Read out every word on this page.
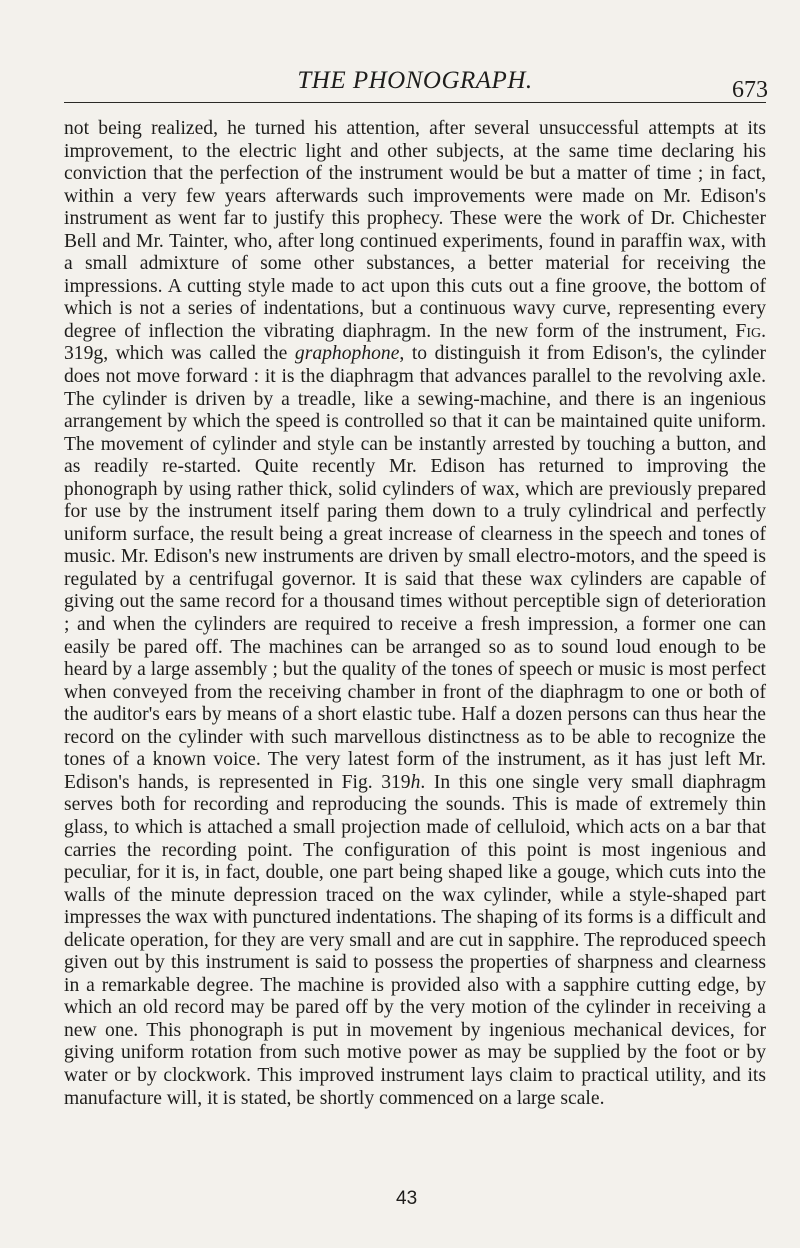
THE PHONOGRAPH.	673

not being realized, he turned his attention, after several unsuccessful attempts at its improvement, to the electric light and other subjects, at the same time declaring his conviction that the perfection of the instrument would be but a matter of time ; in fact, within a very few years afterwards such improvements were made on Mr. Edison's instrument as went far to justify this prophecy. These were the work of Dr. Chichester Bell and Mr. Tainter, who, after long continued experiments, found in paraffin wax, with a small admixture of some other substances, a better material for receiving the impressions. A cutting style made to act upon this cuts out a fine groove, the bottom of which is not a series of indentations, but a continuous wavy curve, representing every degree of inflection the vibrating diaphragm. In the new form of the instrument, Fig. 319g, which was called the graphophone, to distinguish it from Edison's, the cylinder does not move forward : it is the diaphragm that advances parallel to the revolving axle. The cylinder is driven by a treadle, like a sewing-machine, and there is an ingenious arrangement by which the speed is controlled so that it can be maintained quite uniform. The movement of cylinder and style can be instantly arrested by touching a button, and as readily re-started. Quite recently Mr. Edison has returned to improving the phonograph by using rather thick, solid cylinders of wax, which are previously prepared for use by the instrument itself paring them down to a truly cylindrical and perfectly uniform surface, the result being a great increase of clearness in the speech and tones of music. Mr. Edison's new instruments are driven by small electro-motors, and the speed is regulated by a centrifugal governor. It is said that these wax cylinders are capable of giving out the same record for a thousand times without perceptible sign of deterioration ; and when the cylinders are required to receive a fresh impression, a former one can easily be pared off. The machines can be arranged so as to sound loud enough to be heard by a large assembly ; but the quality of the tones of speech or music is most perfect when conveyed from the receiving chamber in front of the diaphragm to one or both of the auditor's ears by means of a short elastic tube. Half a dozen persons can thus hear the record on the cylinder with such marvellous distinctness as to be able to recognize the tones of a known voice. The very latest form of the instrument, as it has just left Mr. Edison's hands, is represented in Fig. 319h. In this one single very small diaphragm serves both for recording and reproducing the sounds. This is made of extremely thin glass, to which is attached a small projection made of celluloid, which acts on a bar that carries the recording point. The configuration of this point is most ingenious and peculiar, for it is, in fact, double, one part being shaped like a gouge, which cuts into the walls of the minute depression traced on the wax cylinder, while a style-shaped part impresses the wax with punctured indentations. The shaping of its forms is a difficult and delicate operation, for they are very small and are cut in sapphire. The reproduced speech given out by this instrument is said to possess the properties of sharpness and clearness in a remarkable degree. The machine is provided also with a sapphire cutting edge, by which an old record may be pared off by the very motion of the cylinder in receiving a new one. This phonograph is put in movement by ingenious mechanical devices, for giving uniform rotation from such motive power as may be supplied by the foot or by water or by clockwork. This improved instrument lays claim to practical utility, and its manufacture will, it is stated, be shortly commenced on a large scale.

43
